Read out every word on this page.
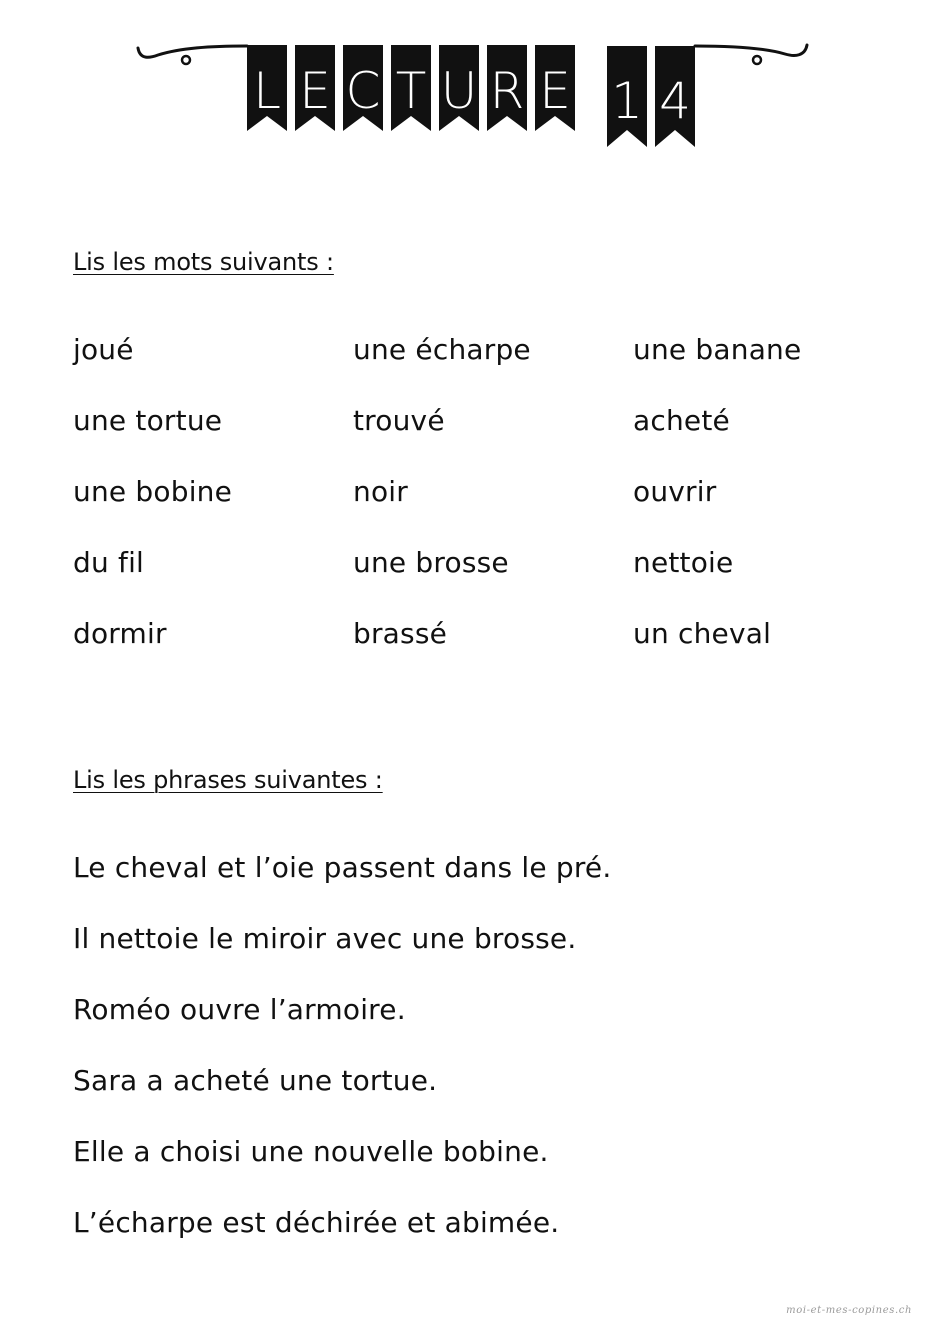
L E C T U R E 1 4
Lis les mots suivants :
joué	une écharpe	une banane
une tortue	trouvé	acheté
une bobine	noir	ouvrir
du fil	une brosse	nettoie
dormir	brassé	un cheval
Lis les phrases suivantes :
Le cheval et l’oie passent dans le pré.
Il nettoie le miroir avec une brosse.
Roméo ouvre l’armoire.
Sara a acheté une tortue.
Elle a choisi une nouvelle bobine.
L’écharpe est déchirée et abimée.
moi-et-mes-copines.ch
